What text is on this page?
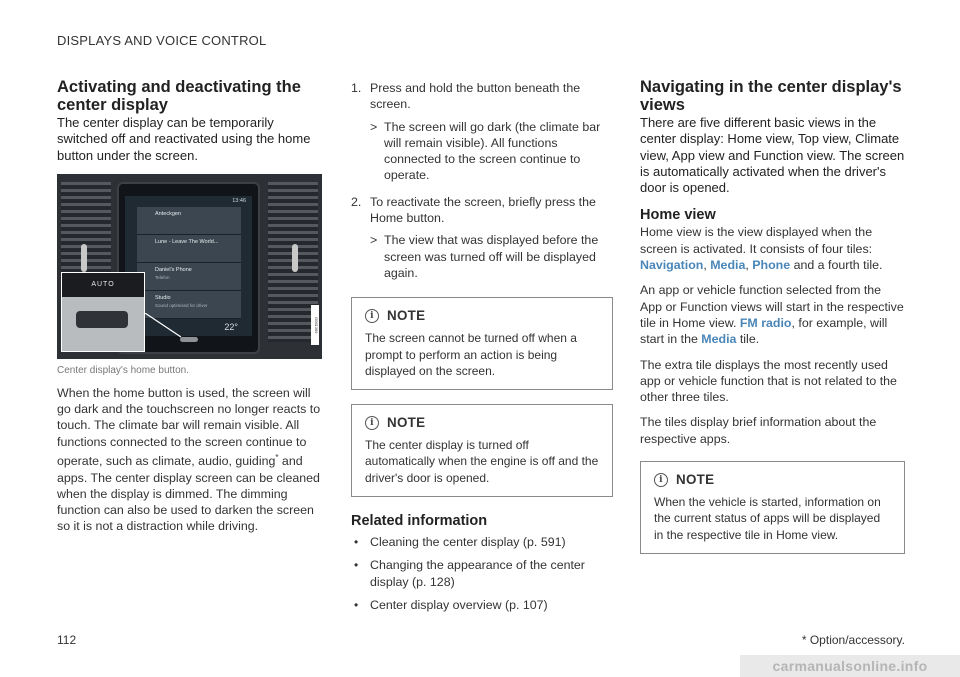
DISPLAYS AND VOICE CONTROL
Activating and deactivating the center display

The center display can be temporarily switched off and reactivated using the home button under the screen.

13:46
Anteckgen
Lune - Leave The World...
Daniel's Phone
Telefon
Studio
Sound optimised for driver
22°
AUTO
G061369
Center display's home button.

When the home button is used, the screen will go dark and the touchscreen no longer reacts to touch. The climate bar will remain visible. All functions connected to the screen continue to operate, such as climate, audio, guiding* and apps. The center display screen can be cleaned when the display is dimmed. The dimming function can also be used to darken the screen so it is not a distraction while driving.

1. Press and hold the button beneath the screen.
> The screen will go dark (the climate bar will remain visible). All functions connected to the screen continue to operate.
2. To reactivate the screen, briefly press the Home button.
> The view that was displayed before the screen was turned off will be displayed again.
i NOTE

The screen cannot be turned off when a prompt to perform an action is being displayed on the screen.

i NOTE

The center display is turned off automatically when the engine is off and the driver's door is opened.

Related information
• Cleaning the center display (p. 591)
• Changing the appearance of the center display (p. 128)
• Center display overview (p. 107)
Navigating in the center display's views

There are five different basic views in the center display: Home view, Top view, Climate view, App view and Function view. The screen is automatically activated when the driver's door is opened.

Home view

Home view is the view displayed when the screen is activated. It consists of four tiles: Navigation, Media, Phone and a fourth tile.

An app or vehicle function selected from the App or Function views will start in the respective tile in Home view. FM radio, for example, will start in the Media tile.

The extra tile displays the most recently used app or vehicle function that is not related to the other three tiles.

The tiles display brief information about the respective apps.

i NOTE

When the vehicle is started, information on the current status of apps will be displayed in the respective tile in Home view.

112	* Option/accessory.
carmanualsonline.info
